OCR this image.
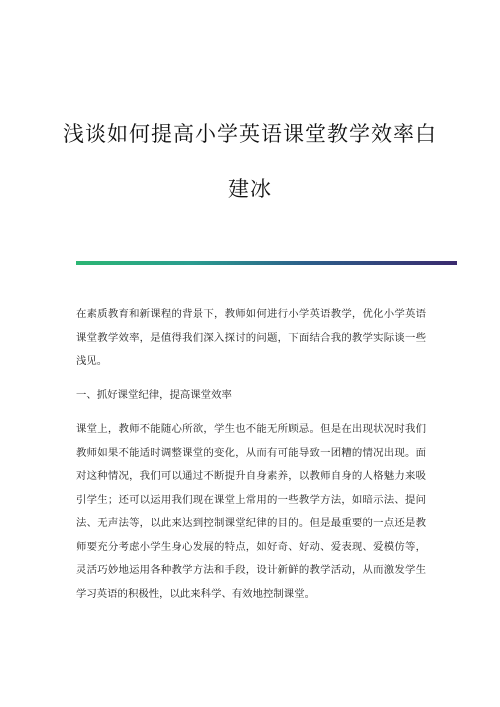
浅谈如何提高小学英语课堂教学效率白
建冰
在素质教育和新课程的背景下，教师如何进行小学英语教学，优化小学英语课堂教学效率，是值得我们深入探讨的问题，下面结合我的教学实际谈一些浅见。
一、抓好课堂纪律，提高课堂效率
课堂上，教师不能随心所欲，学生也不能无所顾忌。但是在出现状况时我们教师如果不能适时调整课堂的变化，从而有可能导致一团糟的情况出现。面对这种情况，我们可以通过不断提升自身素养，以教师自身的人格魅力来吸引学生；还可以运用我们现在课堂上常用的一些教学方法，如暗示法、提问法、无声法等，以此来达到控制课堂纪律的目的。但是最重要的一点还是教师要充分考虑小学生身心发展的特点，如好奇、好动、爱表现、爱模仿等，灵活巧妙地运用各种教学方法和手段，设计新鲜的教学活动，从而激发学生学习英语的积极性，以此来科学、有效地控制课堂。
